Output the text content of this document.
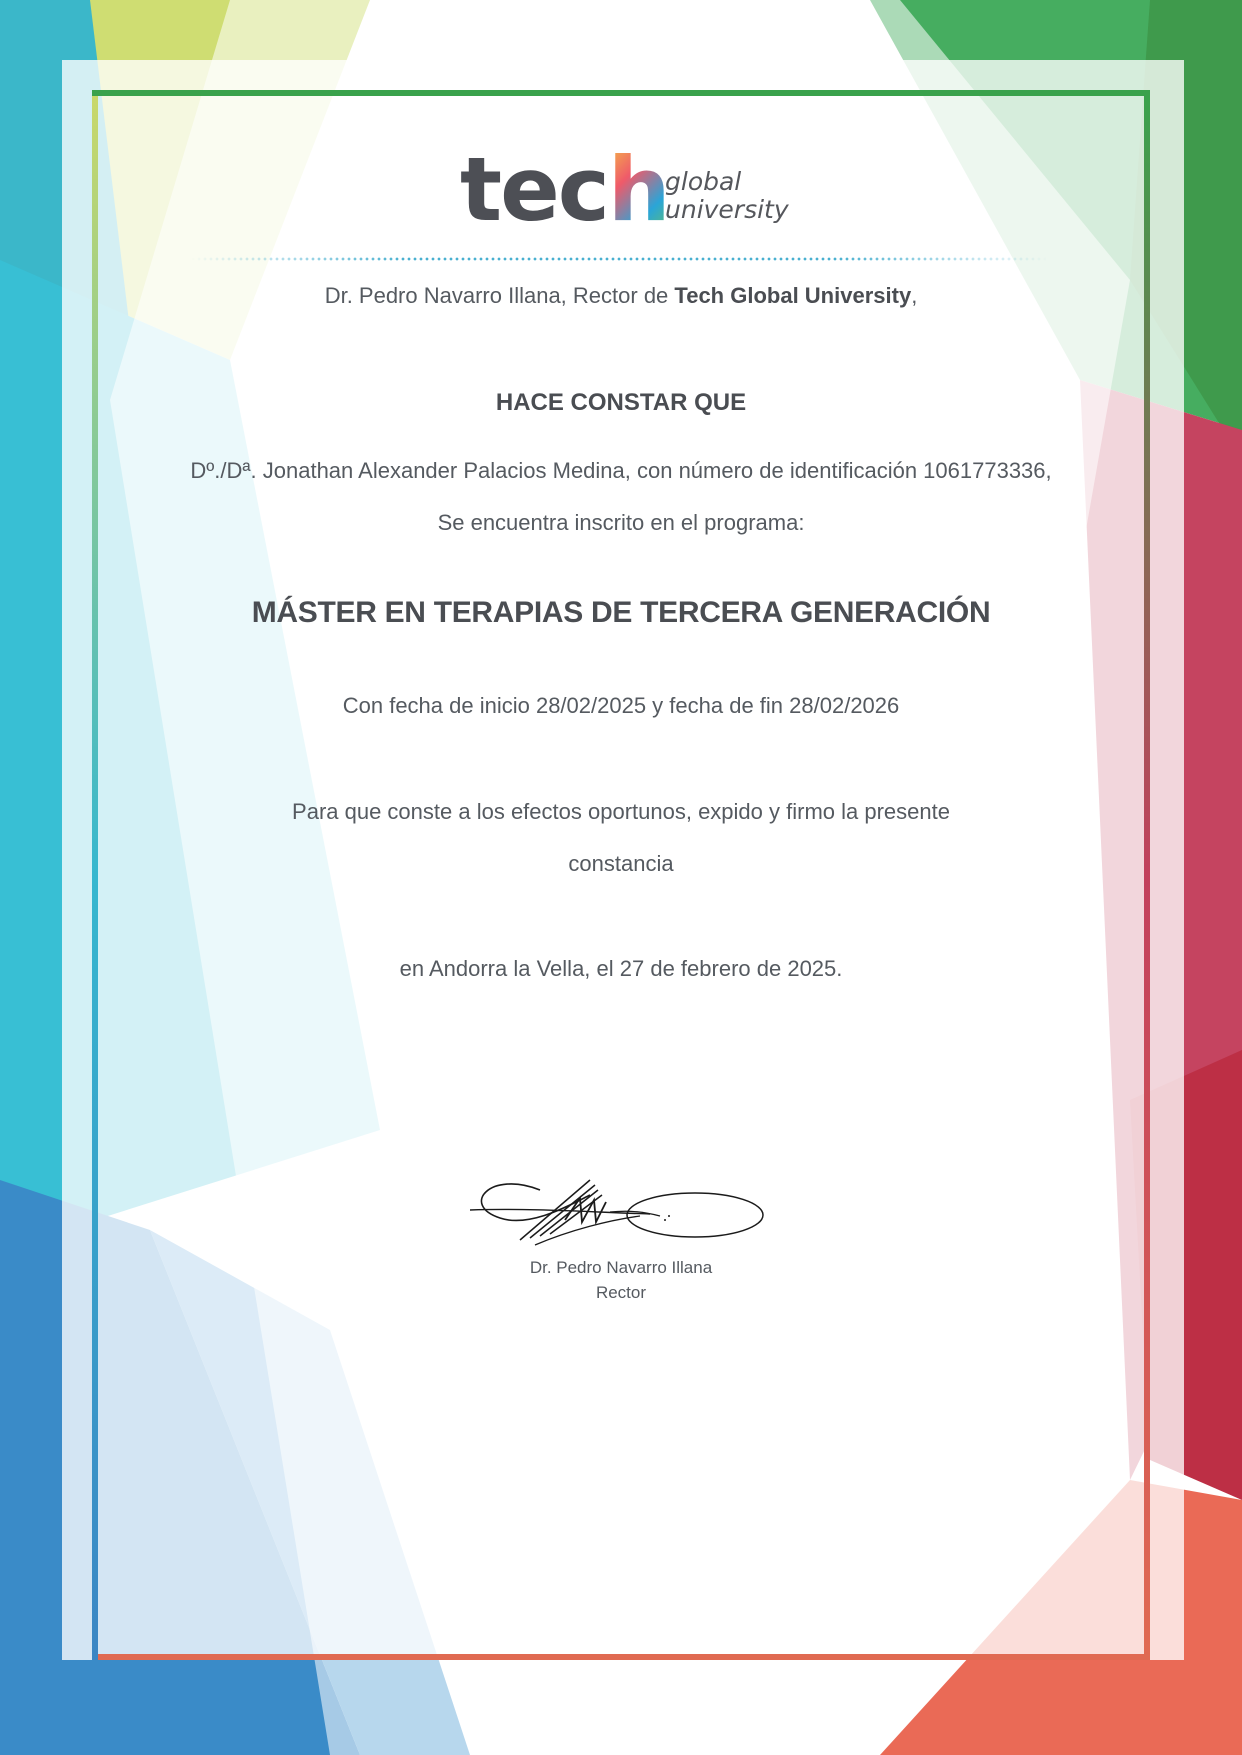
tech
global
university
Dr. Pedro Navarro Illana, Rector de Tech Global University,
HACE CONSTAR QUE
Dº./Dª. Jonathan Alexander Palacios Medina, con número de identificación 1061773336,
Se encuentra inscrito en el programa:
MÁSTER EN TERAPIAS DE TERCERA GENERACIÓN
Con fecha de inicio 28/02/2025 y fecha de fin 28/02/2026
Para que conste a los efectos oportunos, expido y firmo la presente
constancia
en Andorra la Vella, el 27 de febrero de 2025.
Dr. Pedro Navarro Illana
Rector
